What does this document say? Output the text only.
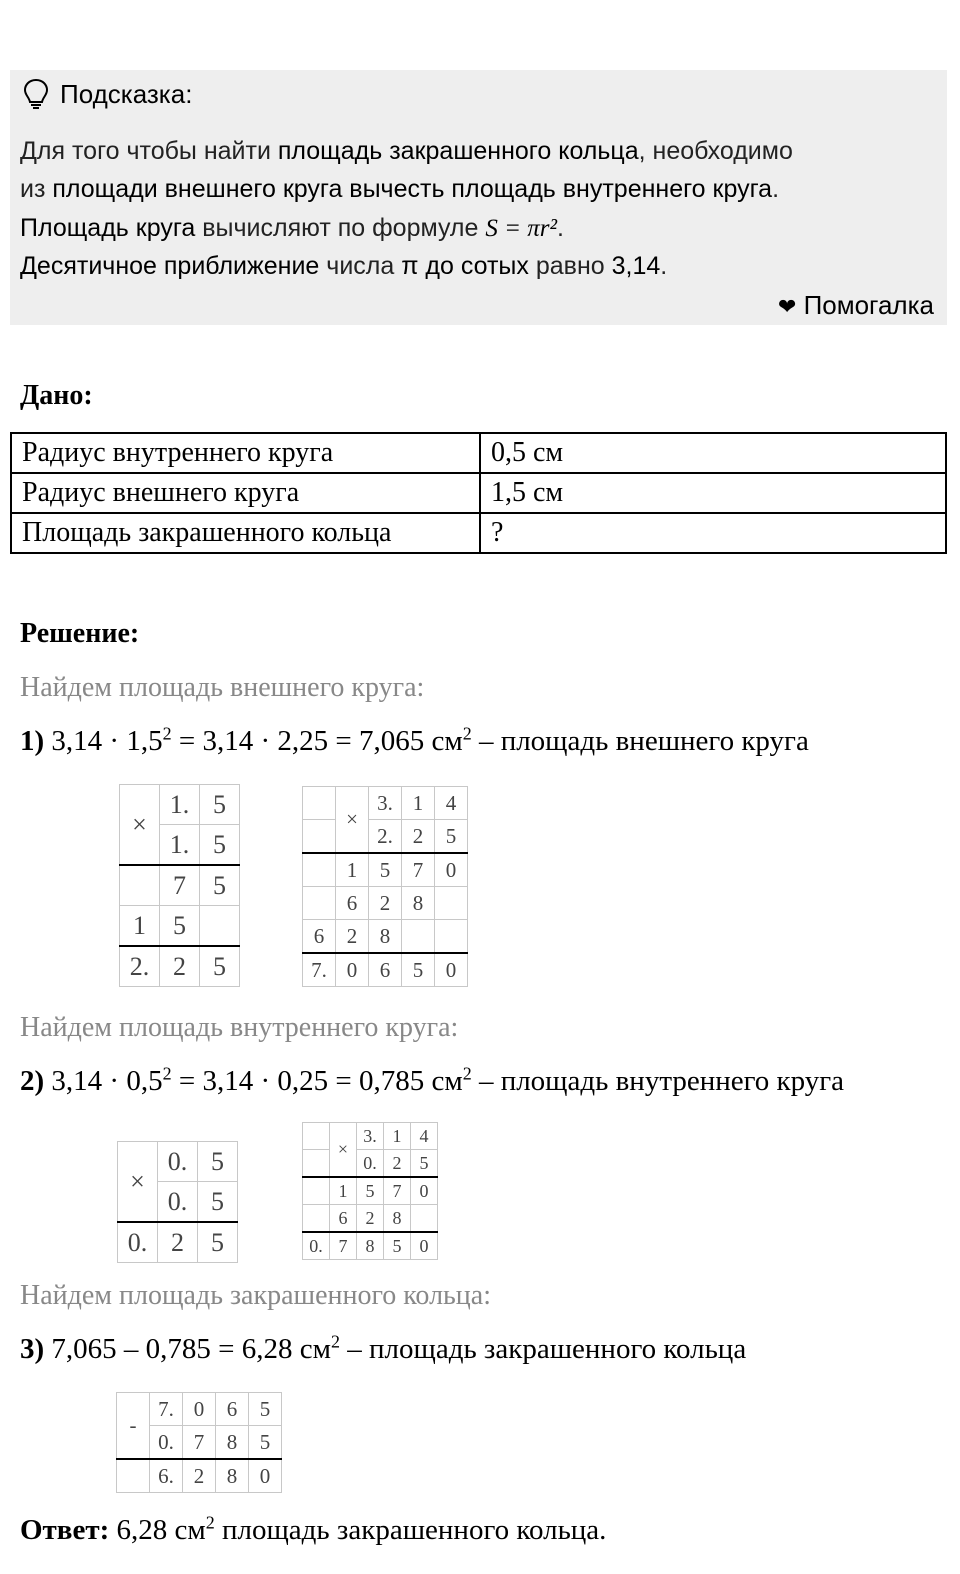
Подсказка:
Для того чтобы найти площадь закрашенного кольца, необходимо
из площади внешнего круга вычесть площадь внутреннего круга.
Площадь круга вычисляют по формуле S = πr².
Десятичное приближение числа π до сотых равно 3,14.
❤ Помогалка
Дано:
Радиус внутреннего круга	0,5 см
Радиус внешнего круга	1,5 см
Площадь закрашенного кольца	?
Решение:
Найдем площадь внешнего круга:
1) $3,14 \cdot 1,5^2 = 3,14 \cdot 2,25 = 7,065$ $см^2$ – площадь внешнего круга
×	1.	5
	1.	5
	7	5
1	5	
2.	2	5
	×	3.	1	4
		2.	2	5
	1	5	7	0
	6	2	8	
6	2	8		
7.	0	6	5	0
Найдем площадь внутреннего круга:
2) $3,14 \cdot 0,5^2 = 3,14 \cdot 0,25 = 0,785$ $см^2$ – площадь внутреннего круга
×	0.	5
	0.	5
0.	2	5
	×	3.	1	4
		0.	2	5
	1	5	7	0
	6	2	8	
0.	7	8	5	0
Найдем площадь закрашенного кольца:
3) 7,065 – 0,785 = 6,28 $см^2$ – площадь закрашенного кольца
-	7.	0	6	5
	0.	7	8	5
	6.	2	8	0
Ответ: 6,28 $см^2$ площадь закрашенного кольца.
